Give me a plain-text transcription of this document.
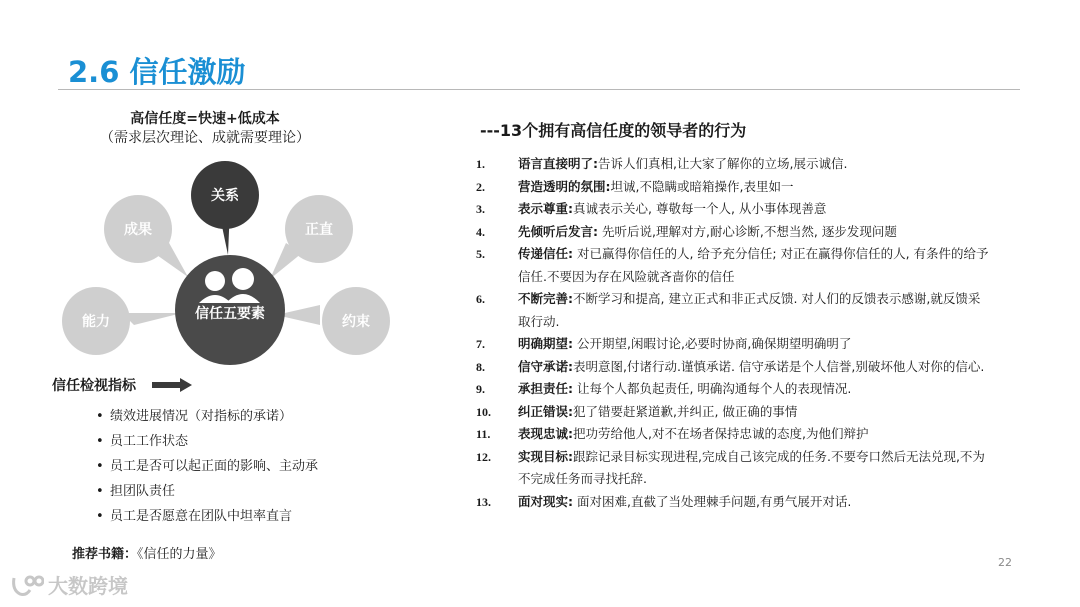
2.6 信任激励
高信任度=快速+低成本
（需求层次理论、成就需要理论）
关系
成果	正直
能力	约束
信任五要素
信任检视指标
• 绩效进展情况（对指标的承诺）
• 员工工作状态
• 员工是否可以起正面的影响、主动承
• 担团队责任
• 员工是否愿意在团队中坦率直言
推荐书籍：《信任的力量》
---13个拥有高信任度的领导者的行为
1.	语言直接明了:告诉人们真相,让大家了解你的立场,展示诚信.
2.	营造透明的氛围:坦诚,不隐瞒或暗箱操作,表里如一
3.	表示尊重:真诚表示关心, 尊敬每一个人, 从小事体现善意
4.	先倾听后发言: 先听后说,理解对方,耐心诊断,不想当然, 逐步发现问题
5.	传递信任: 对已赢得你信任的人, 给予充分信任; 对正在赢得你信任的人, 有条件的给予
信任.不要因为存在风险就吝啬你的信任
6.	不断完善:不断学习和提高, 建立正式和非正式反馈. 对人们的反馈表示感谢,就反馈采
取行动.
7.	明确期望: 公开期望,闲暇讨论,必要时协商,确保期望明确明了
8.	信守承诺:表明意图,付诸行动.谨慎承诺. 信守承诺是个人信誉,别破坏他人对你的信心.
9.	承担责任: 让每个人都负起责任, 明确沟通每个人的表现情况.
10.	纠正错误:犯了错要赶紧道歉,并纠正, 做正确的事情
11.	表现忠诚:把功劳给他人,对不在场者保持忠诚的态度,为他们辩护
12.	实现目标:跟踪记录目标实现进程,完成自己该完成的任务.不要夸口然后无法兑现,不为
不完成任务而寻找托辞.
13.	面对现实: 面对困难,直截了当处理棘手问题,有勇气展开对话.
22
大数跨境
